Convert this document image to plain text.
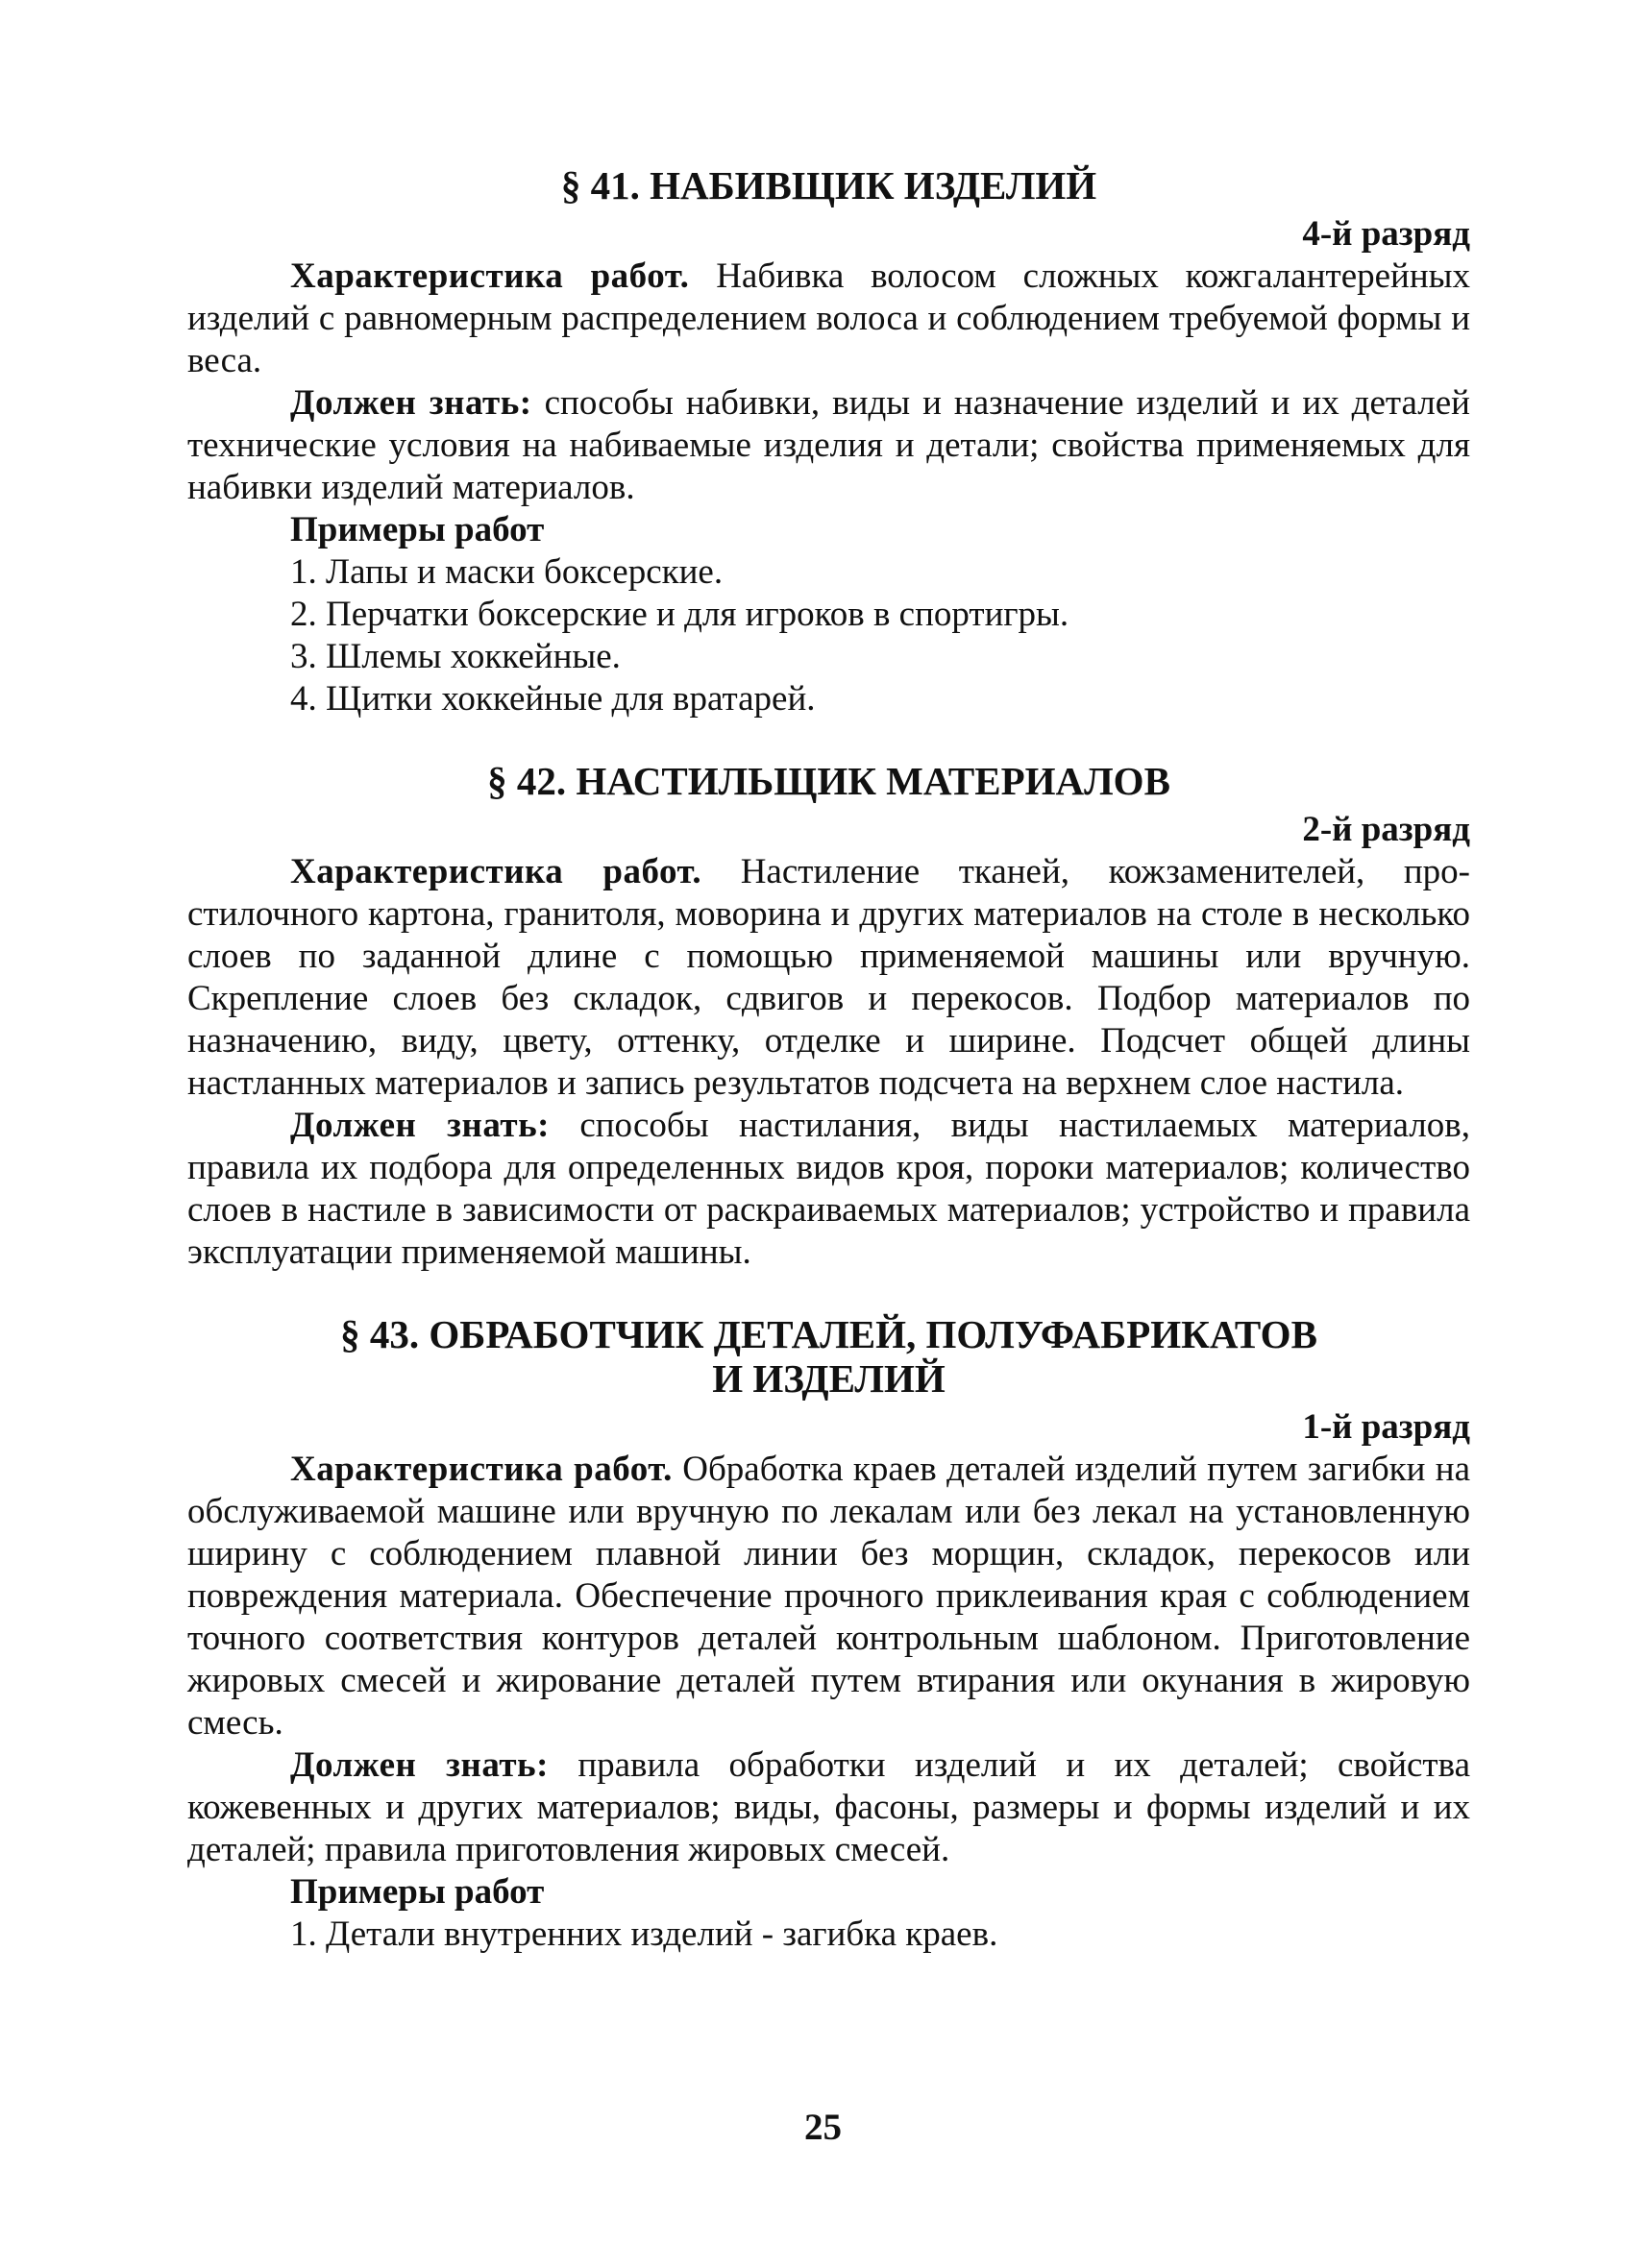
§ 41. НАБИВЩИК ИЗДЕЛИЙ
4-й разряд

Характеристика работ. Набивка волосом сложных кожгалантерейных изделий с равномерным распределением волоса и соблюдением требуемой формы и веса.

Должен знать: способы набивки, виды и назначение изделий и их деталей технические условия на набиваемые изделия и детали; свойства применяемых для набивки изделий материалов.

Примеры работ
1. Лапы и маски боксерские.
2. Перчатки боксерские и для игроков в спортигры.
3. Шлемы хоккейные.
4. Щитки хоккейные для вратарей.
§ 42. НАСТИЛЬЩИК МАТЕРИАЛОВ
2-й разряд

Характеристика работ. Настиление тканей, кожзаменителей, простилочного картона, гранитоля, моворина и других материалов на столе в несколько слоев по заданной длине с помощью применяемой машины или вручную. Скрепление слоев без складок, сдвигов и перекосов. Подбор материалов по назначению, виду, цвету, оттенку, отделке и ширине. Подсчет общей длины настланных материалов и запись результатов подсчета на верхнем слое настила.

Должен знать: способы настилания, виды настилаемых материалов, правила их подбора для определенных видов кроя, пороки материалов; количество слоев в настиле в зависимости от раскраиваемых материалов; устройство и правила эксплуатации применяемой машины.

§ 43. ОБРАБОТЧИК ДЕТАЛЕЙ, ПОЛУФАБРИКАТОВ
И ИЗДЕЛИЙ
1-й разряд

Характеристика работ. Обработка краев деталей изделий путем загибки на обслуживаемой машине или вручную по лекалам или без лекал на установленную ширину с соблюдением плавной линии без морщин, складок, перекосов или повреждения материала. Обеспечение прочного приклеивания края с соблюдением точного соответствия контуров деталей контрольным шаблоном. Приготовление жировых смесей и жирование деталей путем втирания или окунания в жировую смесь.

Должен знать: правила обработки изделий и их деталей; свойства кожевенных и других материалов; виды, фасоны, размеры и формы изделий и их деталей; правила приготовления жировых смесей.

Примеры работ
1. Детали внутренних изделий - загибка краев.
25
